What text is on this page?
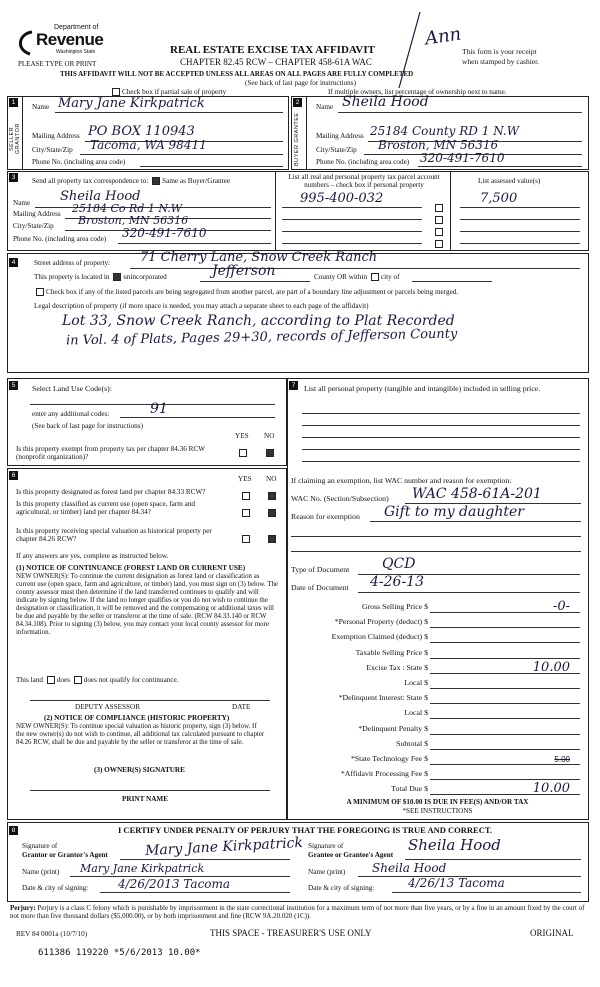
Department of
Revenue
Washington State
PLEASE TYPE OR PRINT
REAL ESTATE EXCISE TAX AFFIDAVIT
CHAPTER 82.45 RCW – CHAPTER 458-61A WAC
THIS AFFIDAVIT WILL NOT BE ACCEPTED UNLESS ALL AREAS ON ALL PAGES ARE FULLY COMPLETED
(See back of last page for instructions)
This form is your receipt
when stamped by cashier.
Ann
Check box if partial sale of property	If multiple owners, list percentage of ownership next to name.
1	2
SELLER GRANTOR	BUYER GRANTEE
Name Mary Jane Kirkpatrick
Mailing Address PO BOX 110943
City/State/Zip Tacoma, WA 98411
Phone No. (including area code)
Name Sheila Hood
Mailing Address 25184 County RD 1 N.W
City/State/Zip Broston, MN 56316
Phone No. (including area code) 320-491-7610
3	Send all property tax correspondence to: Same as Buyer/Grantee
Name Sheila Hood
Mailing Address 25184 Co Rd 1 N.W
City/State/Zip Broston, MN 56316
Phone No. (including area code) 320-491-7610
List all real and personal property tax parcel account numbers – check box if personal property
List assessed value(s)
995-400-032	7,500
4	Street address of property: 71 Cherry Lane, Snow Creek Ranch
This property is located in unincorporated	Jefferson	County OR within city of
Check box if any of the listed parcels are being segregated from another parcel, are part of a boundary line adjustment or parcels being merged.
Legal description of property (if more space is needed, you may attach a separate sheet to each page of the affidavit)
Lot 33, Snow Creek Ranch, according to Plat Recorded
in Vol. 4 of Plats, Pages 29+30, records of Jefferson County
5	Select Land Use Code(s):
enter any additional codes:	91
(See back of last page for instructions)
YES NO
Is this property exempt from property tax per chapter 84.36 RCW (nonprofit organization)?
6	YES NO
Is this property designated as forest land per chapter 84.33 RCW?
Is this property classified as current use (open space, farm and agricultural, or timber) land per chapter 84.34?
Is this property receiving special valuation as historical property per chapter 84.26 RCW?
If any answers are yes, complete as instructed below.
(1) NOTICE OF CONTINUANCE (FOREST LAND OR CURRENT USE)
NEW OWNER(S): To continue the current designation as forest land or classification as current use (open space, farm and agriculture, or timber) land, you must sign on (3) below. The county assessor must then determine if the land transferred continues to qualify and will indicate by signing below. If the land no longer qualifies or you do not wish to continue the designation or classification, it will be removed and the compensating or additional taxes will be due and payable by the seller or transferor at the time of sale. (RCW 84.33.140 or RCW 84.34.108). Prior to signing (3) below, you may contact your local county assessor for more information.
This land does does not qualify for continuance.
DEPUTY ASSESSOR	DATE
(2) NOTICE OF COMPLIANCE (HISTORIC PROPERTY)
NEW OWNER(S): To continue special valuation as historic property, sign (3) below. If the new owner(s) do not wish to continue, all additional tax calculated pursuant to chapter 84.26 RCW, shall be due and payable by the seller or transferor at the time of sale.
(3) OWNER(S) SIGNATURE
PRINT NAME
7	List all personal property (tangible and intangible) included in selling price.
If claiming an exemption, list WAC number and reason for exemption:
WAC No. (Section/Subsection) WAC 458-61A-201
Reason for exemption Gift to my daughter
Type of Document QCD
Date of Document 4-26-13
Gross Selling Price $	-0-
*Personal Property (deduct) $
Exemption Claimed (deduct) $
Taxable Selling Price $
Excise Tax : State $	10.00
Local $
*Delinquent Interest: State $
Local $
*Delinquent Penalty $
Subtotal $
*State Technology Fee $	5.00
*Affidavit Processing Fee $
Total Due $	10.00
A MINIMUM OF $10.00 IS DUE IN FEE(S) AND/OR TAX
*SEE INSTRUCTIONS
8	I CERTIFY UNDER PENALTY OF PERJURY THAT THE FOREGOING IS TRUE AND CORRECT.
Signature of
Grantor or Grantor's Agent	Mary Jane Kirkpatrick
Name (print) Mary Jane Kirkpatrick
Date & city of signing: 4/26/2013 Tacoma
Signature of
Grantee or Grantee's Agent
Sheila Hood
Name (print) Sheila Hood
Date & city of signing:	4/26/13 Tacoma
Perjury: Perjury is a class C felony which is punishable by imprisonment in the state correctional institution for a maximum term of not more than five years, or by a fine in an amount fixed by the court of not more than five thousand dollars ($5,000.00), or by both imprisonment and fine (RCW 9A.20.020 (1C)).
REV 84 0001a (10/7/10)	THIS SPACE - TREASURER'S USE ONLY	ORIGINAL
611386 119220 *5/6/2013 10.00*
